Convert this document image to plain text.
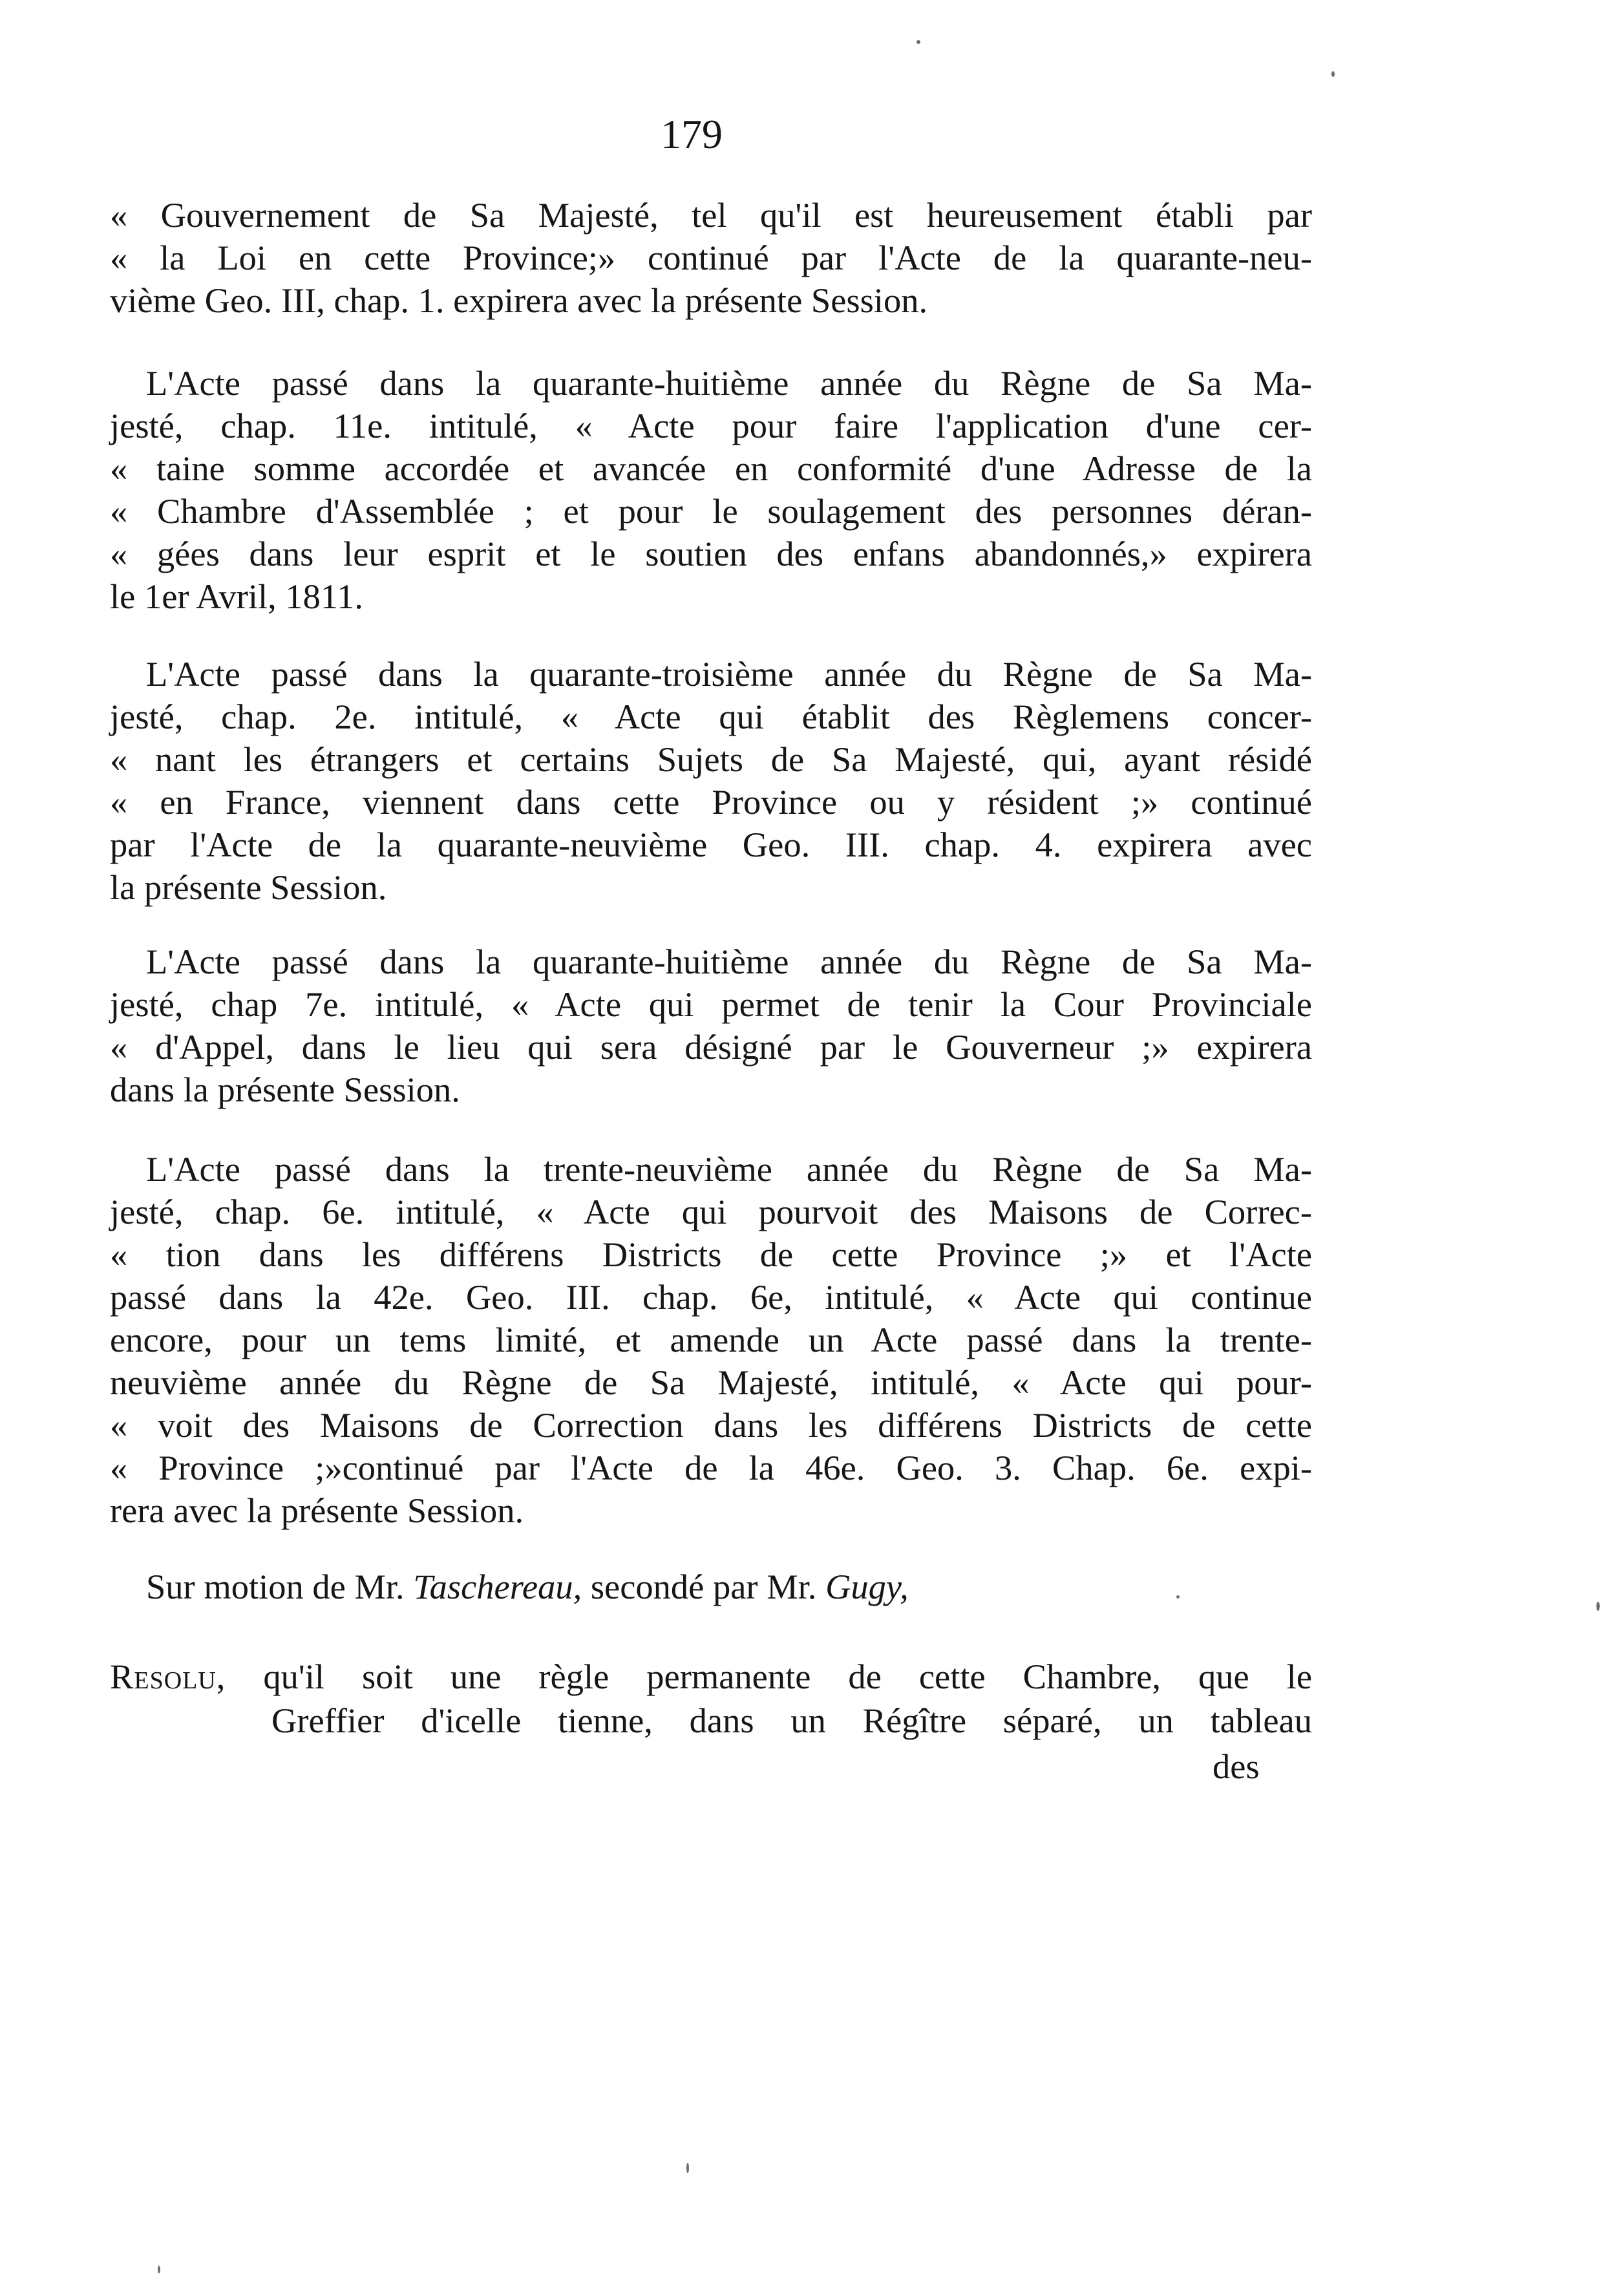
179
« Gouvernement de Sa Majesté, tel qu'il est heureusement établi par
« la Loi en cette Province;» continué par l'Acte de la quarante-neu-
vième Geo. III, chap. 1. expirera avec la présente Session.
L'Acte passé dans la quarante-huitième année du Règne de Sa Ma-
jesté, chap. 11e. intitulé, « Acte pour faire l'application d'une cer-
« taine somme accordée et avancée en conformité d'une Adresse de la
« Chambre d'Assemblée ; et pour le soulagement des personnes déran-
« gées dans leur esprit et le soutien des enfans abandonnés,» expirera
le 1er Avril, 1811.
L'Acte passé dans la quarante-troisième année du Règne de Sa Ma-
jesté, chap. 2e. intitulé, « Acte qui établit des Règlemens concer-
« nant les étrangers et certains Sujets de Sa Majesté, qui, ayant résidé
« en France, viennent dans cette Province ou y résident ;» continué
par l'Acte de la quarante-neuvième Geo. III. chap. 4. expirera avec
la présente Session.
L'Acte passé dans la quarante-huitième année du Règne de Sa Ma-
jesté, chap 7e. intitulé, « Acte qui permet de tenir la Cour Provinciale
« d'Appel, dans le lieu qui sera désigné par le Gouverneur ;» expirera
dans la présente Session.
L'Acte passé dans la trente-neuvième année du Règne de Sa Ma-
jesté, chap. 6e. intitulé, « Acte qui pourvoit des Maisons de Correc-
« tion dans les différens Districts de cette Province ;» et l'Acte
passé dans la 42e. Geo. III. chap. 6e, intitulé, « Acte qui continue
encore, pour un tems limité, et amende un Acte passé dans la trente-
neuvième année du Règne de Sa Majesté, intitulé, « Acte qui pour-
« voit des Maisons de Correction dans les différens Districts de cette
« Province ;»continué par l'Acte de la 46e. Geo. 3. Chap. 6e. expi-
rera avec la présente Session.
Sur motion de Mr. Taschereau, secondé par Mr. Gugy,
Resolu, qu'il soit une règle permanente de cette Chambre, que le
Greffier d'icelle tienne, dans un Régître séparé, un tableau
des
